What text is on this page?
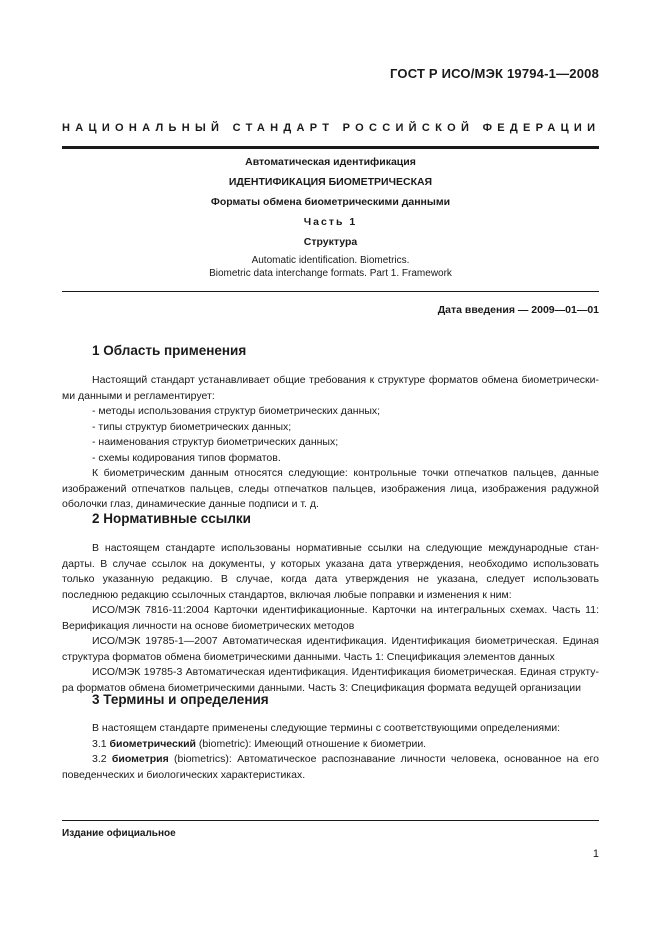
ГОСТ Р ИСО/МЭК 19794-1—2008
НАЦИОНАЛЬНЫЙ СТАНДАРТ РОССИЙСКОЙ ФЕДЕРАЦИИ
Автоматическая идентификация
ИДЕНТИФИКАЦИЯ БИОМЕТРИЧЕСКАЯ
Форматы обмена биометрическими данными
Часть 1
Структура
Automatic identification. Biometrics.
Biometric data interchange formats. Part 1. Framework
Дата введения — 2009—01—01
1 Область применения

Настоящий стандарт устанавливает общие требования к структуре форматов обмена биометрически-ми данными и регламентирует:

- методы использования структур биометрических данных;

- типы структур биометрических данных;

- наименования структур биометрических данных;

- схемы кодирования типов форматов.

К биометрическим данным относятся следующие: контрольные точки отпечатков пальцев, данные изображений отпечатков пальцев, следы отпечатков пальцев, изображения лица, изображения радужной оболочки глаз, динамические данные подписи и т. д.

2 Нормативные ссылки

В настоящем стандарте использованы нормативные ссылки на следующие международные стан-дарты. В случае ссылок на документы, у которых указана дата утверждения, необходимо использовать только указанную редакцию. В случае, когда дата утверждения не указана, следует использовать последнюю редакцию ссылочных стандартов, включая любые поправки и изменения к ним:

ИСО/МЭК 7816-11:2004 Карточки идентификационные. Карточки на интегральных схемах. Часть 11: Верификация личности на основе биометрических методов

ИСО/МЭК 19785-1—2007 Автоматическая идентификация. Идентификация биометрическая. Единая структура форматов обмена биометрическими данными. Часть 1: Спецификация элементов данных

ИСО/МЭК 19785-3 Автоматическая идентификация. Идентификация биометрическая. Единая структу-ра форматов обмена биометрическими данными. Часть 3: Спецификация формата ведущей организации

3 Термины и определения

В настоящем стандарте применены следующие термины с соответствующими определениями:

3.1 биометрический (biometric): Имеющий отношение к биометрии.

3.2 биометрия (biometrics): Автоматическое распознавание личности человека, основанное на его поведенческих и биологических характеристиках.

Издание официальное
1
